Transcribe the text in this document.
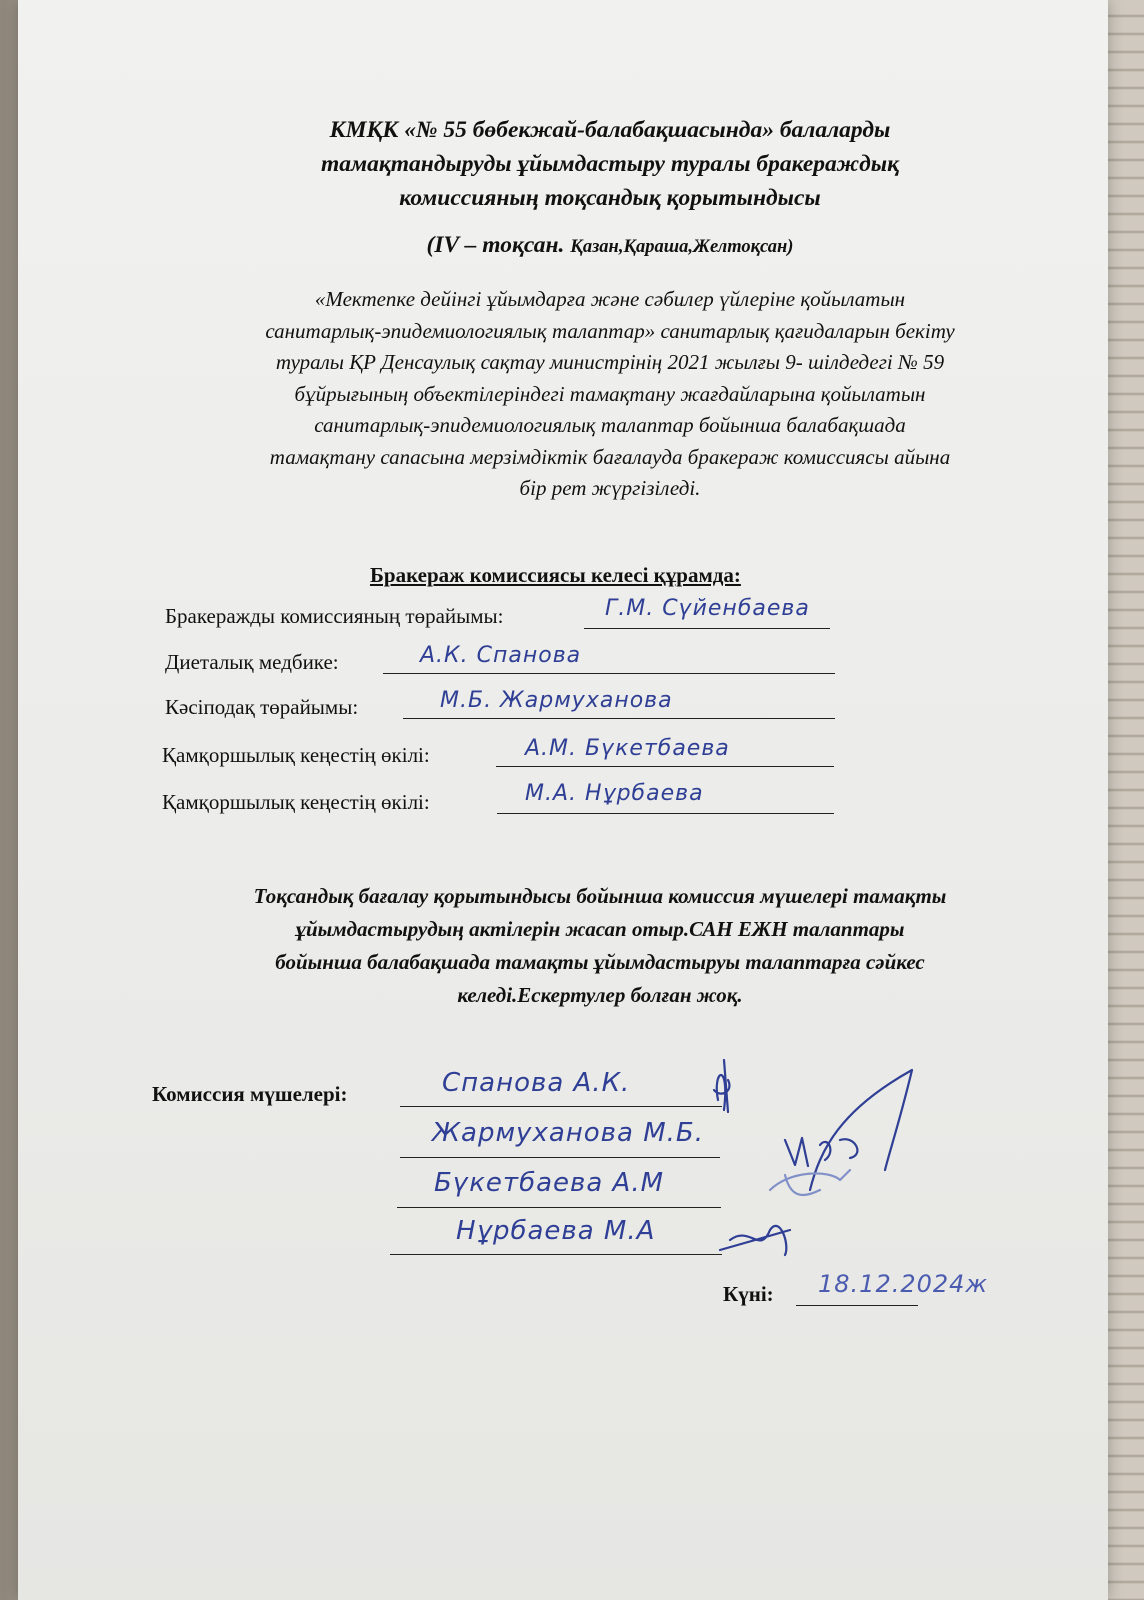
КМҚК «№ 55 бөбекжай-балабақшасында» балаларды
тамақтандыруды ұйымдастыру туралы бракераждық
комиссияның тоқсандық қорытындысы
(IV – тоқсан. Қазан,Қараша,Желтоқсан)
«Мектепке дейінгі ұйымдарға және сәбилер үйлеріне қойылатын
санитарлық-эпидемиологиялық талаптар» санитарлық қағидаларын бекіту
туралы ҚР Денсаулық сақтау министрінің 2021 жылғы 9- шілдедегі № 59
бұйрығының объектілеріндегі тамақтану жағдайларына қойылатын
санитарлық-эпидемиологиялық талаптар бойынша балабақшада
тамақтану сапасына мерзімдіктік бағалауда бракераж комиссиясы айына
бір рет жүргізіледі.
Бракераж комиссиясы келесі құрамда:
Бракеражды комиссияның төрайымы:	Г.М. Сүйенбаева
Диеталық медбике:	А.К. Спанова
Кәсіподақ төрайымы:	М.Б. Жармуханова
Қамқоршылық кеңестің өкілі:	А.М. Бүкетбаева
Қамқоршылық кеңестің өкілі:	М.А. Нұрбаева
Тоқсандық бағалау қорытындысы бойынша комиссия мүшелері тамақты
ұйымдастырудың актілерін жасап отыр.САН ЕЖН талаптары
бойынша балабақшада тамақты ұйымдастыруы талаптарға сәйкес
келеді.Ескертулер болған жоқ.
Комиссия мүшелері:	Спанова А.К.
Жармуханова М.Б.
Бүкетбаева А.М
Нұрбаева М.А
Күні: 18.12.2024ж
